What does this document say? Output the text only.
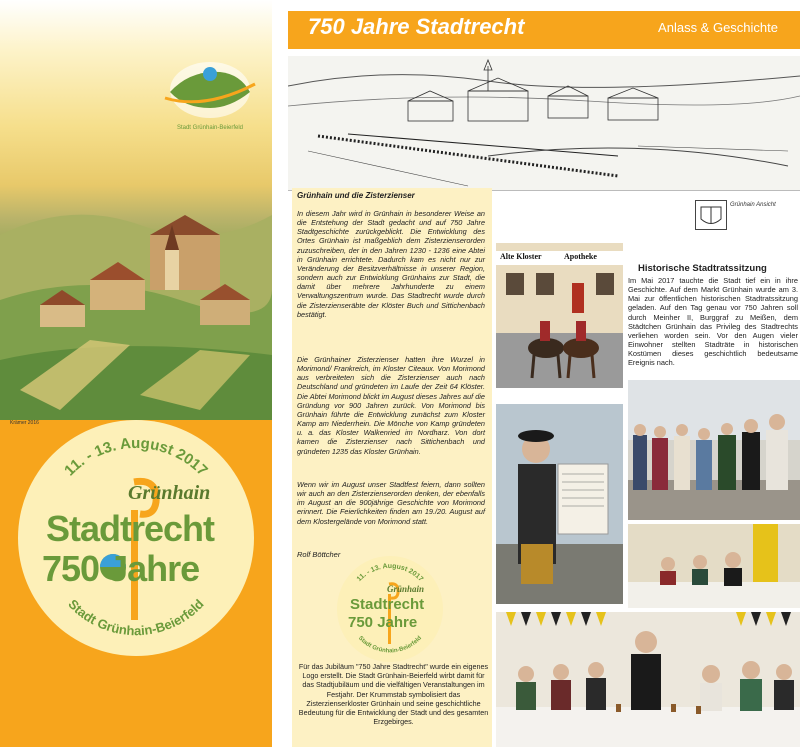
Stadt Grünhain-Beierfeld
Krämer 2016
11. - 13. August 2017
Stadt Grünhain-Beierfeld
Grünhain
Stadtrecht
750 Jahre
750 Jahre Stadtrecht	Anlass & Geschichte
Grünhain Ansicht
Grünhain und die Zisterzienser
In diesem Jahr wird in Grünhain in besonderer Weise an die Entstehung der Stadt gedacht und auf 750 Jahre Stadtgeschichte zurückgeblickt. Die Entwicklung des Ortes Grünhain ist maßgeblich dem Zisterzienserorden zuzuschreiben, der in den Jahren 1230 - 1236 eine Abtei in Grünhain errichtete. Dadurch kam es nicht nur zur Veränderung der Besitzverhältnisse in unserer Region, sondern auch zur Entwicklung Grünhains zur Stadt, die damit über mehrere Jahrhunderte zu einem Verwaltungszentrum wurde. Das Stadtrecht wurde durch die Zisterzienseräbte der Klöster Buch und Sittichenbach bestätigt.
Die Grünhainer Zisterzienser hatten ihre Wurzel in Morimond/ Frankreich, im Kloster Citeaux. Von Morimond aus verbreiteten sich die Zisterzienser auch nach Deutschland und gründeten im Laufe der Zeit 64 Klöster. Die Abtei Morimond blickt im August dieses Jahres auf die Gründung vor 900 Jahren zurück. Von Morimond bis Grünhain führte die Entwicklung zunächst zum Kloster Kamp am Niederrhein. Die Mönche von Kamp gründeten u. a. das Kloster Walkenried im Nordharz. Von dort kamen die Zisterzienser nach Sittichenbach und gründeten 1235 das Kloster Grünhain.
Wenn wir im August unser Stadtfest feiern, dann sollten wir auch an den Zisterzienserorden denken, der ebenfalls im August an die 900jährige Geschichte von Morimond erinnert. Die Feierlichkeiten finden am 19./20. August auf dem Klostergelände von Morimond statt.
Rolf Böttcher
11. - 13. August 2017
Stadt Grünhain-Beierfeld
Grünhain
Stadtrecht
750 Jahre
Für das Jubiläum "750 Jahre Stadtrecht" wurde ein eigenes Logo erstellt. Die Stadt Grünhain-Beierfeld wirbt damit für das Stadtjubiläum und die vielfältigen Veranstaltungen im Festjahr. Der Krummstab symbolisiert das Zisterzienserkloster Grünhain und seine geschichtliche Bedeutung für die Entwicklung der Stadt und des gesamten Erzgebirges.
Alte Kloster	Apotheke
Historische Stadtratssitzung
Im Mai 2017 tauchte die Stadt tief ein in ihre Geschichte. Auf dem Markt Grünhain wurde am 3. Mai zur öffentlichen historischen Stadtratssitzung geladen. Auf den Tag genau vor 750 Jahren soll durch Meinher II, Burggraf zu Meißen, dem Städtchen Grünhain das Privileg des Stadtrechts verliehen worden sein. Vor den Augen vieler Einwohner stellten Stadträte in historischen Kostümen dieses geschichtlich bedeutsame Ereignis nach.
